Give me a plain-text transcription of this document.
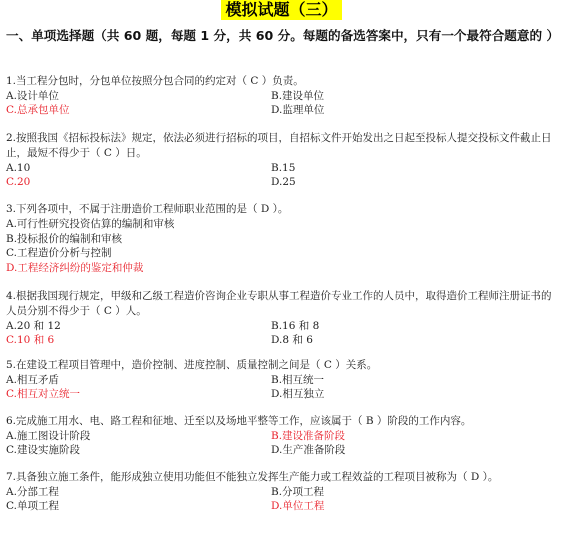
模拟试题（三）
一、单项选择题（共 60 题，每题 1 分，共 60 分。每题的备选答案中，只有一个最符合题意的 ）
1.当工程分包时，分包单位按照分包合同的约定对（ C ）负责。
A.设计单位	B.建设单位
C.总承包单位	D.监理单位
2.按照我国《招标投标法》规定，依法必须进行招标的项目，自招标文件开始发出之日起至投标人提交投标文件截止日止，最短不得少于（ C ）日。
A.10	B.15
C.20	D.25
3.下列各项中，不属于注册造价工程师职业范围的是（ D ）。
A.可行性研究投资估算的编制和审核
B.投标报价的编制和审核
C.工程造价分析与控制
D.工程经济纠纷的鉴定和仲裁
4.根据我国现行规定，甲级和乙级工程造价咨询企业专职从事工程造价专业工作的人员中，取得造价工程师注册证书的人员分别不得少于（ C ）人。
A.20 和 12	B.16 和 8
C.10 和 6	D.8 和 6
5.在建设工程项目管理中，造价控制、进度控制、质量控制之间是（ C ）关系。
A.相互矛盾	B.相互统一
C.相互对立统一	D.相互独立
6.完成施工用水、电、路工程和征地、迁至以及场地平整等工作，应该属于（ B ）阶段的工作内容。
A.施工图设计阶段	B.建设准备阶段
C.建设实施阶段	D.生产准备阶段
7.具备独立施工条件，能形成独立使用功能但不能独立发挥生产能力或工程效益的工程项目被称为（ D ）。
A.分部工程	B.分项工程
C.单项工程	D.单位工程
